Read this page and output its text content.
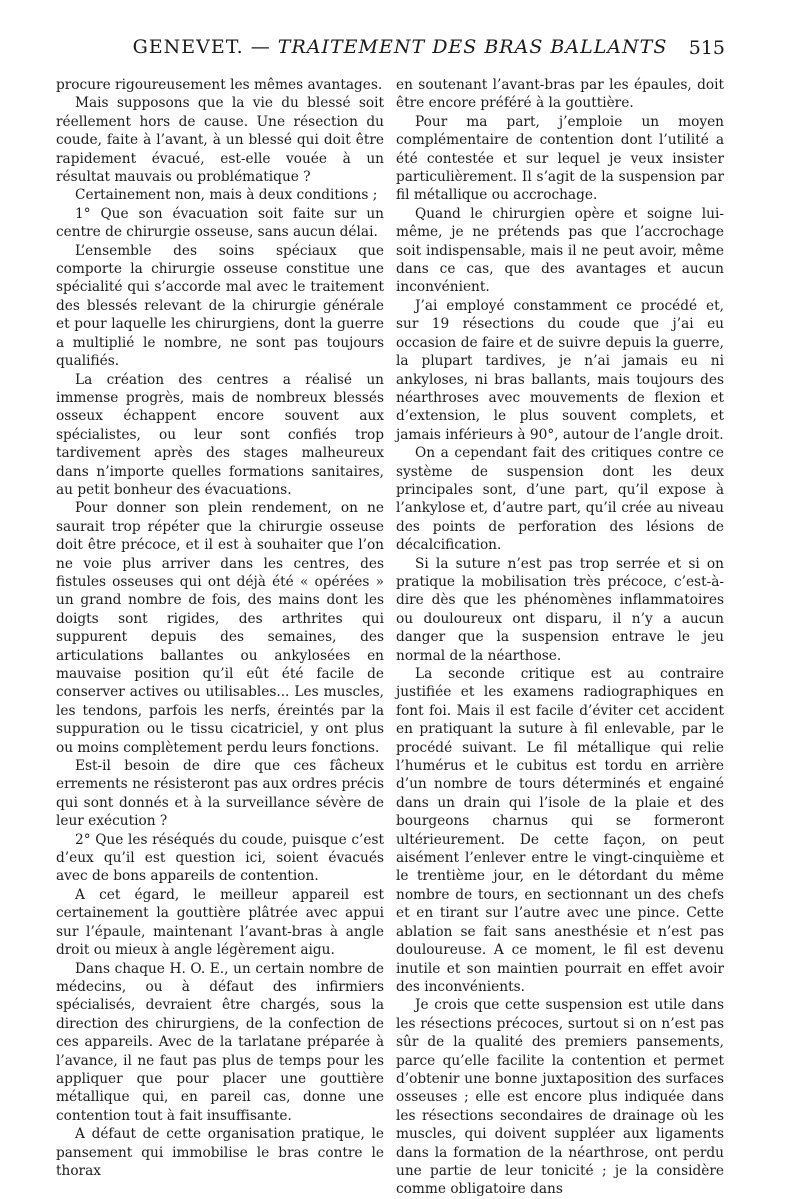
GENEVET. — TRAITEMENT DES BRAS BALLANTS	515

procure rigoureusement les mêmes avantages.

Mais supposons que la vie du blessé soit réellement hors de cause. Une résection du coude, faite à l’avant, à un blessé qui doit être rapidement évacué, est-elle vouée à un résultat mauvais ou problématique ?

Certainement non, mais à deux conditions ;

1° Que son évacuation soit faite sur un centre de chirurgie osseuse, sans aucun délai.

L’ensemble des soins spéciaux que comporte la chirurgie osseuse constitue une spécialité qui s’accorde mal avec le traitement des blessés relevant de la chirurgie générale et pour laquelle les chirurgiens, dont la guerre a multiplié le nombre, ne sont pas toujours qualifiés.

La création des centres a réalisé un immense progrès, mais de nombreux blessés osseux échappent encore souvent aux spécialistes, ou leur sont confiés trop tardivement après des stages malheureux dans n’importe quelles formations sanitaires, au petit bonheur des évacuations.

Pour donner son plein rendement, on ne saurait trop répéter que la chirurgie osseuse doit être précoce, et il est à souhaiter que l’on ne voie plus arriver dans les centres, des fistules osseuses qui ont déjà été « opérées » un grand nombre de fois, des mains dont les doigts sont rigides, des arthrites qui suppurent depuis des semaines, des articulations ballantes ou ankylosées en mauvaise position qu’il eût été facile de conserver actives ou utilisables... Les muscles, les tendons, parfois les nerfs, éreintés par la suppuration ou le tissu cicatriciel, y ont plus ou moins complètement perdu leurs fonctions.

Est-il besoin de dire que ces fâcheux errements ne résisteront pas aux ordres précis qui sont donnés et à la surveillance sévère de leur exécution ?

2° Que les réséqués du coude, puisque c’est d’eux qu’il est question ici, soient évacués avec de bons appareils de contention.

A cet égard, le meilleur appareil est certainement la gouttière plâtrée avec appui sur l’épaule, maintenant l’avant-bras à angle droit ou mieux à angle légèrement aigu.

Dans chaque H. O. E., un certain nombre de médecins, ou à défaut des infirmiers spécialisés, devraient être chargés, sous la direction des chirurgiens, de la confection de ces appareils. Avec de la tarlatane préparée à l’avance, il ne faut pas plus de temps pour les appliquer que pour placer une gouttière métallique qui, en pareil cas, donne une contention tout à fait insuffisante.

A défaut de cette organisation pratique, le pansement qui immobilise le bras contre le thorax

en soutenant l’avant-bras par les épaules, doit être encore préféré à la gouttière.

Pour ma part, j’emploie un moyen complémentaire de contention dont l’utilité a été contestée et sur lequel je veux insister particulièrement. Il s’agit de la suspension par fil métallique ou accrochage.

Quand le chirurgien opère et soigne lui-même, je ne prétends pas que l’accrochage soit indispensable, mais il ne peut avoir, même dans ce cas, que des avantages et aucun inconvénient.

J’ai employé constamment ce procédé et, sur 19 résections du coude que j’ai eu occasion de faire et de suivre depuis la guerre, la plupart tardives, je n’ai jamais eu ni ankyloses, ni bras ballants, mais toujours des néarthroses avec mouvements de flexion et d’extension, le plus souvent complets, et jamais inférieurs à 90°, autour de l’angle droit.

On a cependant fait des critiques contre ce système de suspension dont les deux principales sont, d’une part, qu’il expose à l’ankylose et, d’autre part, qu’il crée au niveau des points de perforation des lésions de décalcification.

Si la suture n’est pas trop serrée et si on pratique la mobilisation très précoce, c’est-à-dire dès que les phénomènes inflammatoires ou douloureux ont disparu, il n’y a aucun danger que la suspension entrave le jeu normal de la néarthose.

La seconde critique est au contraire justifiée et les examens radiographiques en font foi. Mais il est facile d’éviter cet accident en pratiquant la suture à fil enlevable, par le procédé suivant. Le fil métallique qui relie l’humérus et le cubitus est tordu en arrière d’un nombre de tours déterminés et engainé dans un drain qui l’isole de la plaie et des bourgeons charnus qui se formeront ultérieurement. De cette façon, on peut aisément l’enlever entre le vingt-cinquième et le trentième jour, en le détordant du même nombre de tours, en sectionnant un des chefs et en tirant sur l’autre avec une pince. Cette ablation se fait sans anesthésie et n’est pas douloureuse. A ce moment, le fil est devenu inutile et son maintien pourrait en effet avoir des inconvénients.

Je crois que cette suspension est utile dans les résections précoces, surtout si on n’est pas sûr de la qualité des premiers pansements, parce qu’elle facilite la contention et permet d’obtenir une bonne juxtaposition des surfaces osseuses ; elle est encore plus indiquée dans les résections secondaires de drainage où les muscles, qui doivent suppléer aux ligaments dans la formation de la néarthrose, ont perdu une partie de leur tonicité ; je la considère comme obligatoire dans
